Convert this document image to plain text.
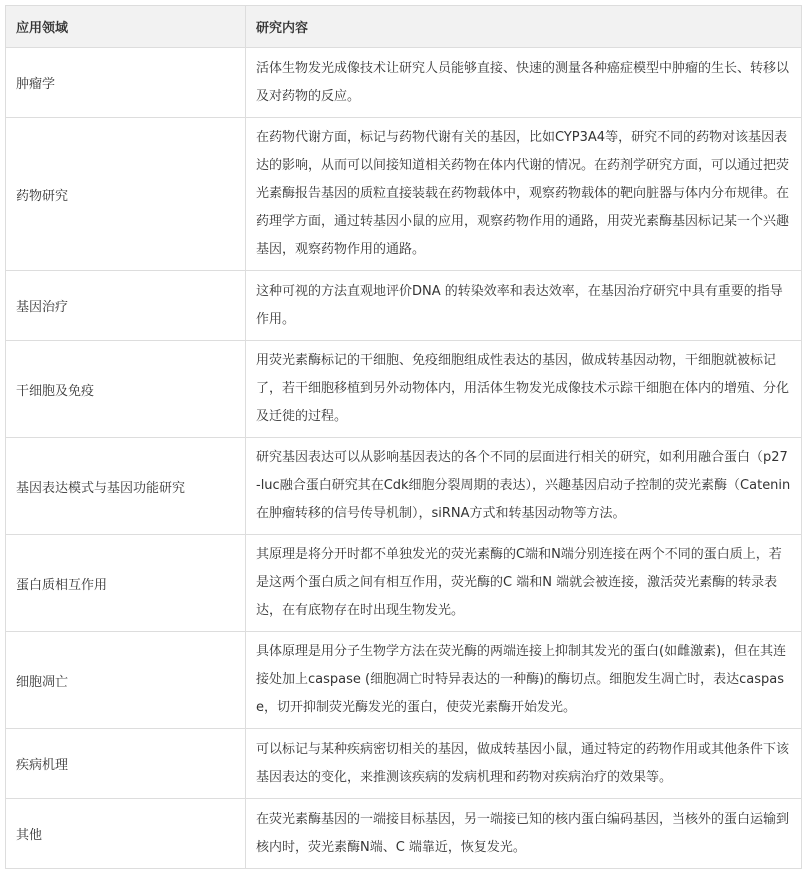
应用领域	研究内容
肿瘤学	活体生物发光成像技术让研究人员能够直接、快速的测量各种癌症模型中肿瘤的生长、转移以及对药物的反应。
药物研究	在药物代谢方面，标记与药物代谢有关的基因，比如CYP3A4等，研究不同的药物对该基因表达的影响，从而可以间接知道相关药物在体内代谢的情况。在药剂学研究方面，可以通过把荧光素酶报告基因的质粒直接装载在药物载体中，观察药物载体的靶向脏器与体内分布规律。在药理学方面，通过转基因小鼠的应用，观察药物作用的通路，用荧光素酶基因标记某一个兴趣基因，观察药物作用的通路。
基因治疗	这种可视的方法直观地评价DNA 的转染效率和表达效率，在基因治疗研究中具有重要的指导作用。
干细胞及免疫	用荧光素酶标记的干细胞、免疫细胞组成性表达的基因，做成转基因动物，干细胞就被标记了，若干细胞移植到另外动物体内，用活体生物发光成像技术示踪干细胞在体内的增殖、分化及迁徙的过程。
基因表达模式与基因功能研究	研究基因表达可以从影响基因表达的各个不同的层面进行相关的研究，如利用融合蛋白（p27-luc融合蛋白研究其在Cdk细胞分裂周期的表达），兴趣基因启动子控制的荧光素酶（Catenin在肿瘤转移的信号传导机制），siRNA方式和转基因动物等方法。
蛋白质相互作用	其原理是将分开时都不单独发光的荧光素酶的C端和N端分别连接在两个不同的蛋白质上，若是这两个蛋白质之间有相互作用，荧光酶的C 端和N 端就会被连接，激活荧光素酶的转录表达，在有底物存在时出现生物发光。
细胞凋亡	具体原理是用分子生物学方法在荧光酶的两端连接上抑制其发光的蛋白(如雌激素)，但在其连接处加上caspase (细胞凋亡时特异表达的一种酶)的酶切点。细胞发生凋亡时，表达caspase，切开抑制荧光酶发光的蛋白，使荧光素酶开始发光。
疾病机理	可以标记与某种疾病密切相关的基因，做成转基因小鼠，通过特定的药物作用或其他条件下该基因表达的变化，来推测该疾病的发病机理和药物对疾病治疗的效果等。
其他	在荧光素酶基因的一端接目标基因，另一端接已知的核内蛋白编码基因，当核外的蛋白运输到核内时，荧光素酶N端、C 端靠近，恢复发光。
